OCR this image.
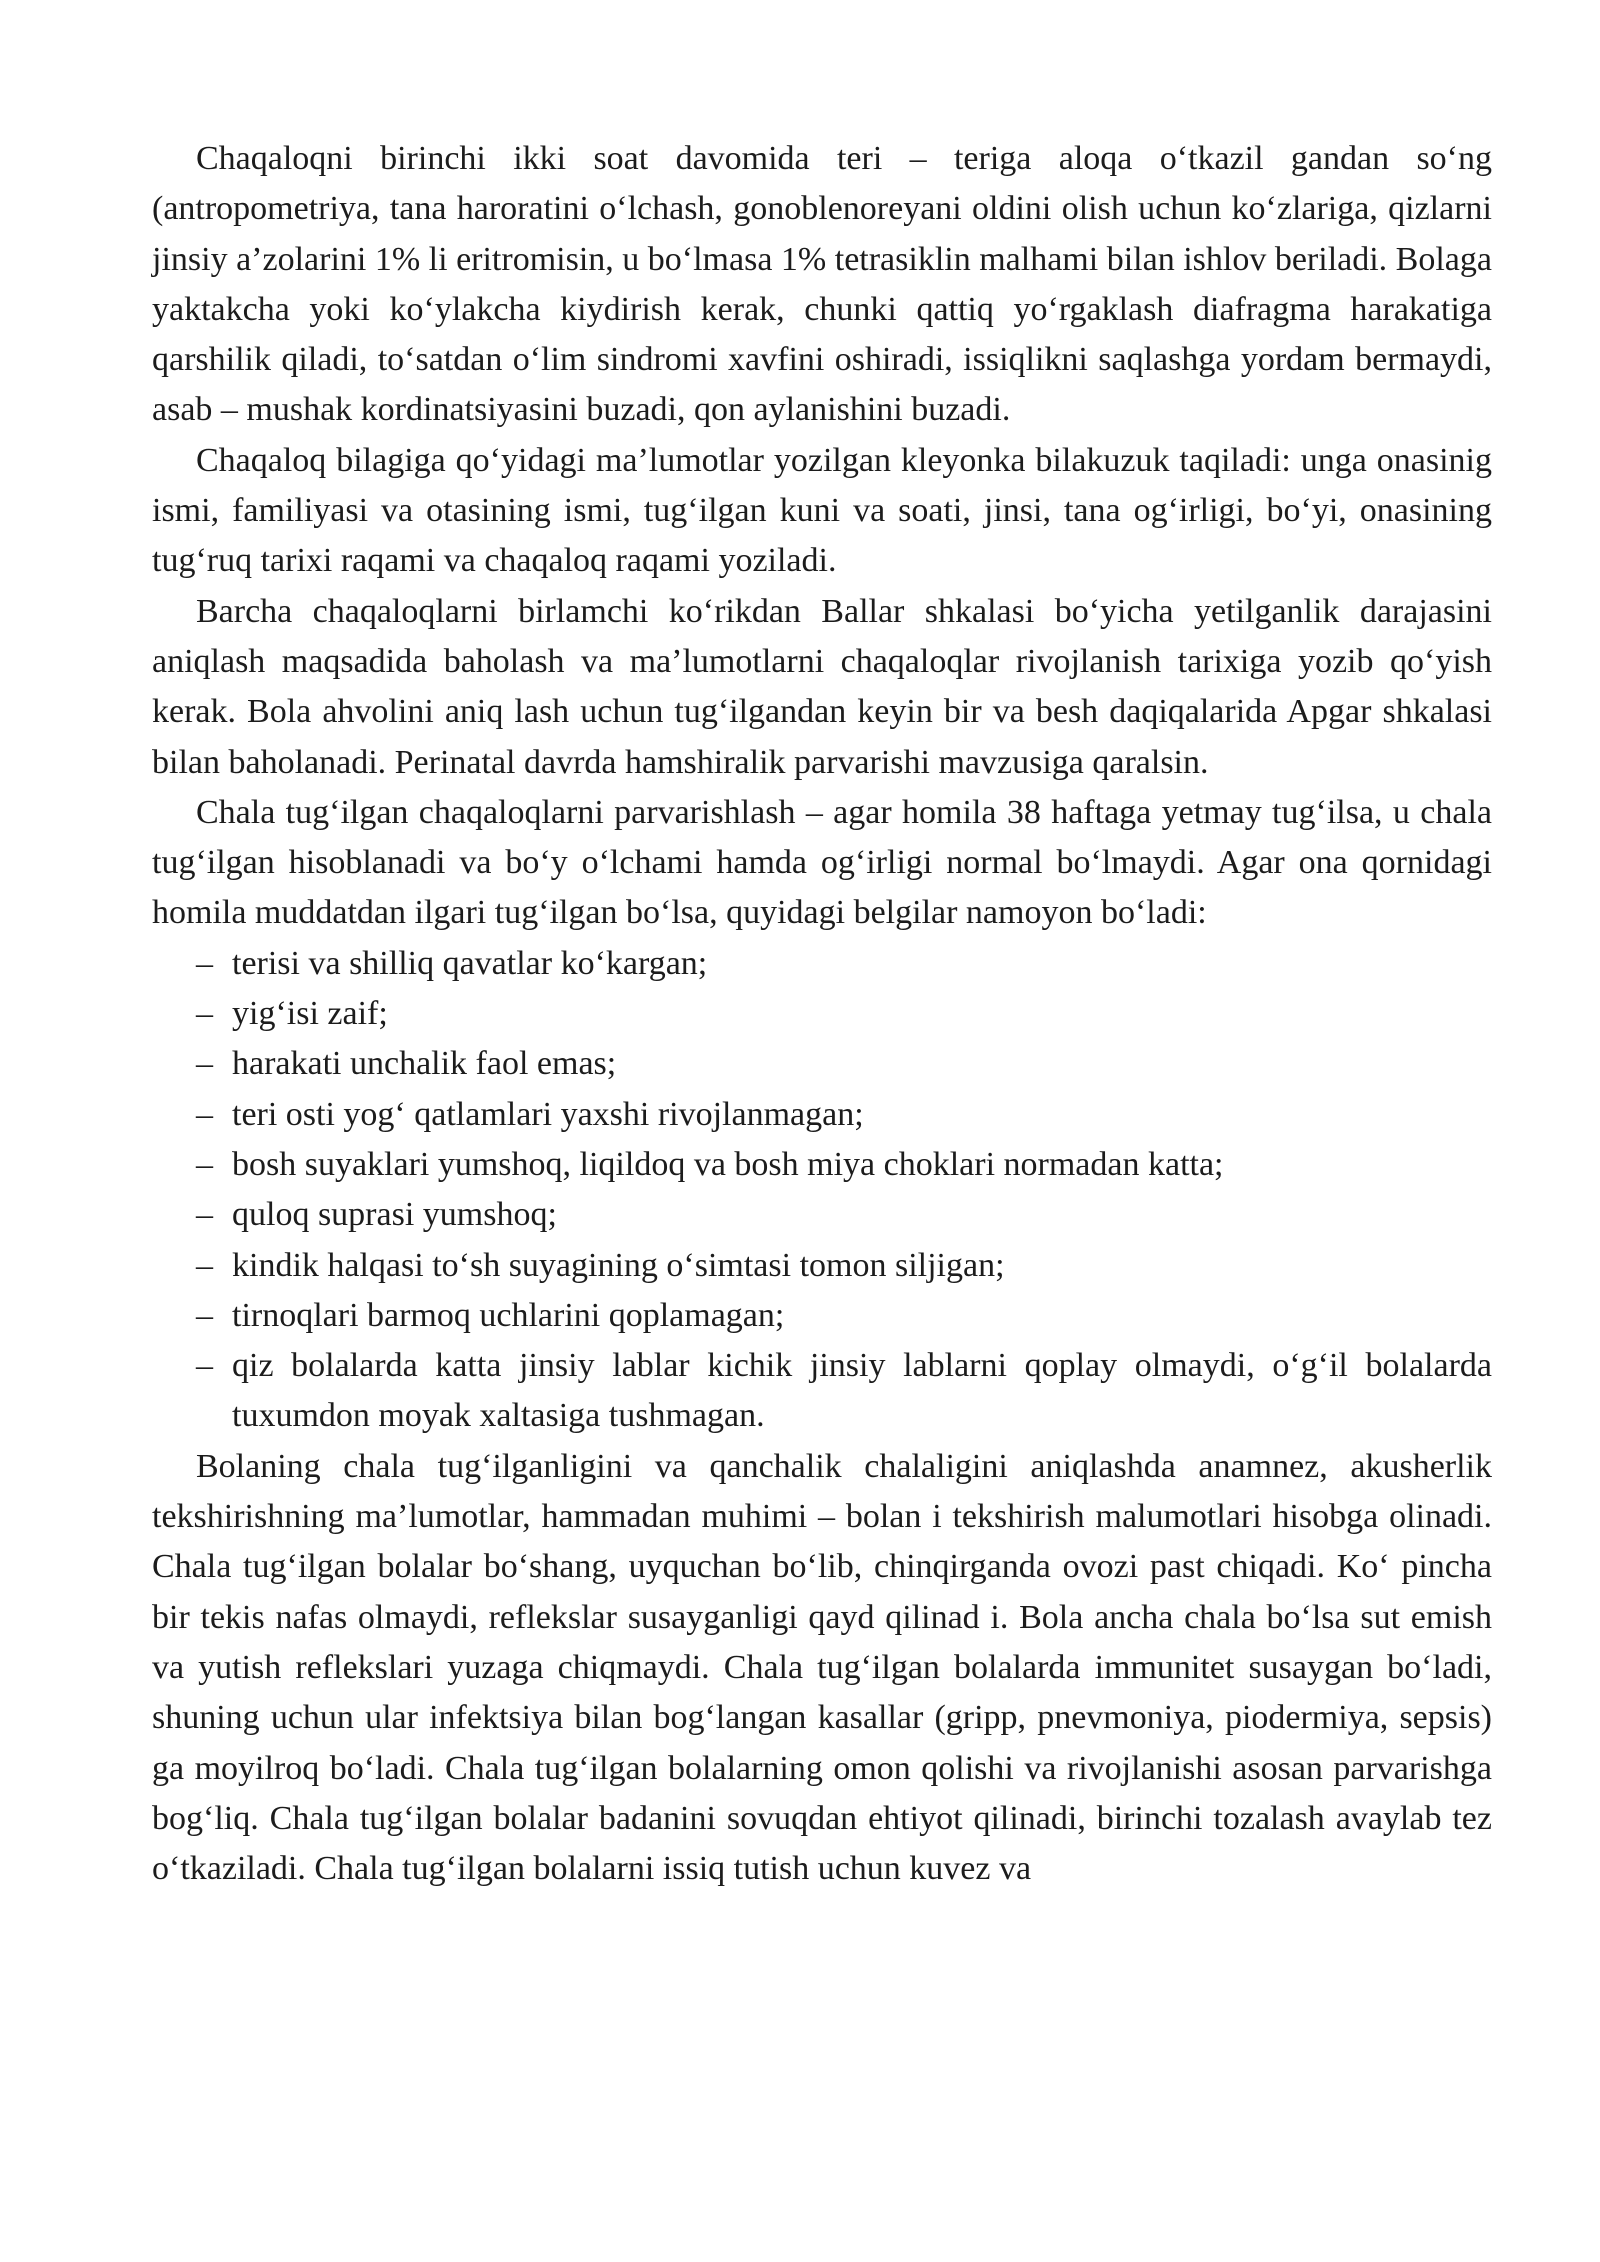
Chaqaloqni birinchi ikki soat davomida teri – teriga aloqa o‘tkazil gandan so‘ng (antropometriya, tana haroratini o‘lchash, gonoblenoreyani oldini olish uchun ko‘zlariga, qizlarni jinsiy a’zolarini 1% li eritromisin, u bo‘lmasa 1% tetrasiklin malhami bilan ishlov beriladi. Bolaga yaktakcha yoki ko‘ylakcha kiydirish kerak, chunki qattiq yo‘rgaklash diafragma harakatiga qarshilik qiladi, to‘satdan o‘lim sindromi xavfini oshiradi, issiqlikni saqlashga yordam bermaydi, asab – mushak kordinatsiyasini buzadi, qon aylanishini buzadi.

Chaqaloq bilagiga qo‘yidagi ma’lumotlar yozilgan kleyonka bilakuzuk taqiladi: unga onasinig ismi, familiyasi va otasining ismi, tug‘ilgan kuni va soati, jinsi, tana og‘irligi, bo‘yi, onasining tug‘ruq tarixi raqami va chaqaloq raqami yoziladi.

Barcha chaqaloqlarni birlamchi ko‘rikdan Ballar shkalasi bo‘yicha yetilganlik darajasini aniqlash maqsadida baholash va ma’lumotlarni chaqaloqlar rivojlanish tarixiga yozib qo‘yish kerak. Bola ahvolini aniq lash uchun tug‘ilgandan keyin bir va besh daqiqalarida Apgar shkalasi bilan baholanadi. Perinatal davrda hamshiralik parvarishi mavzusiga qaralsin.

Chala tug‘ilgan chaqaloqlarni parvarishlash – agar homila 38 haftaga yetmay tug‘ilsa, u chala tug‘ilgan hisoblanadi va bo‘y o‘lchami hamda og‘irligi normal bo‘lmaydi. Agar ona qornidagi homila muddatdan ilgari tug‘ilgan bo‘lsa, quyidagi belgilar namoyon bo‘ladi:

– terisi va shilliq qavatlar ko‘kargan;
– yig‘isi zaif;
– harakati unchalik faol emas;
– teri osti yog‘ qatlamlari yaxshi rivojlanmagan;
– bosh suyaklari yumshoq, liqildoq va bosh miya choklari normadan katta;
– quloq suprasi yumshoq;
– kindik halqasi to‘sh suyagining o‘simtasi tomon siljigan;
– tirnoqlari barmoq uchlarini qoplamagan;
– qiz bolalarda katta jinsiy lablar kichik jinsiy lablarni qoplay olmaydi, o‘g‘il bolalarda tuxumdon moyak xaltasiga tushmagan.

Bolaning chala tug‘ilganligini va qanchalik chalaligini aniqlashda anamnez, akusherlik tekshirishning ma’lumotlar, hammadan muhimi – bolan i tekshirish malumotlari hisobga olinadi. Chala tug‘ilgan bolalar bo‘shang, uyquchan bo‘lib, chinqirganda ovozi past chiqadi. Ko‘ pincha bir tekis nafas olmaydi, reflekslar susayganligi qayd qilinad i. Bola ancha chala bo‘lsa sut emish va yutish reflekslari yuzaga chiqmaydi. Chala tug‘ilgan bolalarda immunitet susaygan bo‘ladi, shuning uchun ular infektsiya bilan bog‘langan kasallar (gripp, pnevmoniya, piodermiya, sepsis) ga moyilroq bo‘ladi. Chala tug‘ilgan bolalarning omon qolishi va rivojlanishi asosan parvarishga bog‘liq. Chala tug‘ilgan bolalar badanini sovuqdan ehtiyot qilinadi, birinchi tozalash avaylab tez o‘tkaziladi. Chala tug‘ilgan bolalarni issiq tutish uchun kuvez va
